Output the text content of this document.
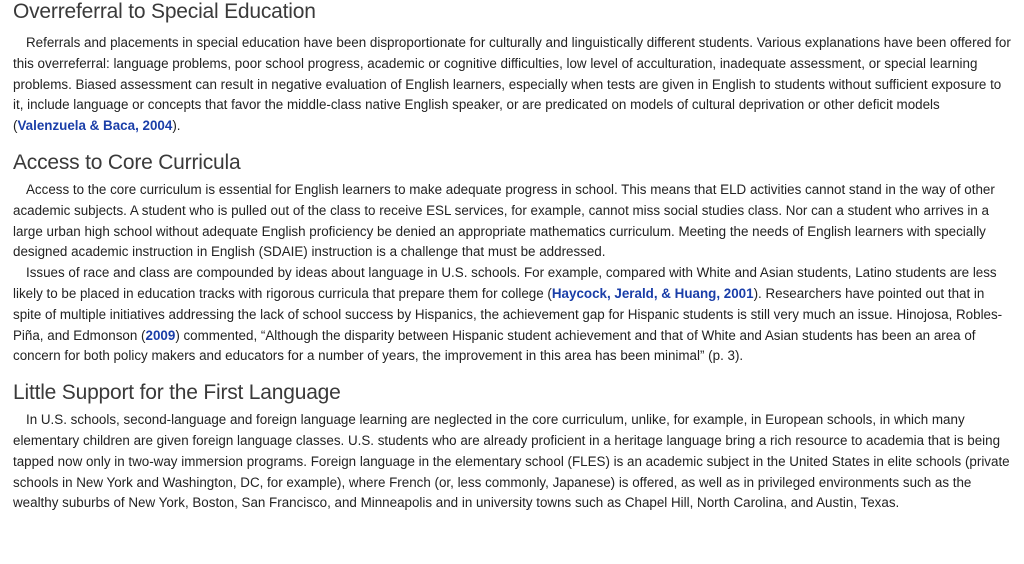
Overreferral to Special Education

Referrals and placements in special education have been disproportionate for culturally and linguistically different students. Various explanations have been offered for this overreferral: language problems, poor school progress, academic or cognitive difficulties, low level of acculturation, inadequate assessment, or special learning problems. Biased assessment can result in negative evaluation of English learners, especially when tests are given in English to students without sufficient exposure to it, include language or concepts that favor the middle-class native English speaker, or are predicated on models of cultural deprivation or other deficit models (Valenzuela & Baca, 2004).

Access to Core Curricula

Access to the core curriculum is essential for English learners to make adequate progress in school. This means that ELD activities cannot stand in the way of other academic subjects. A student who is pulled out of the class to receive ESL services, for example, cannot miss social studies class. Nor can a student who arrives in a large urban high school without adequate English proficiency be denied an appropriate mathematics curriculum. Meeting the needs of English learners with specially designed academic instruction in English (SDAIE) instruction is a challenge that must be addressed.

Issues of race and class are compounded by ideas about language in U.S. schools. For example, compared with White and Asian students, Latino students are less likely to be placed in education tracks with rigorous curricula that prepare them for college (Haycock, Jerald, & Huang, 2001). Researchers have pointed out that in spite of multiple initiatives addressing the lack of school success by Hispanics, the achievement gap for Hispanic students is still very much an issue. Hinojosa, Robles-Piña, and Edmonson (2009) commented, “Although the disparity between Hispanic student achievement and that of White and Asian students has been an area of concern for both policy makers and educators for a number of years, the improvement in this area has been minimal” (p. 3).

Little Support for the First Language

In U.S. schools, second-language and foreign language learning are neglected in the core curriculum, unlike, for example, in European schools, in which many elementary children are given foreign language classes. U.S. students who are already proficient in a heritage language bring a rich resource to academia that is being tapped now only in two-way immersion programs. Foreign language in the elementary school (FLES) is an academic subject in the United States in elite schools (private schools in New York and Washington, DC, for example), where French (or, less commonly, Japanese) is offered, as well as in privileged environments such as the wealthy suburbs of New York, Boston, San Francisco, and Minneapolis and in university towns such as Chapel Hill, North Carolina, and Austin, Texas.
